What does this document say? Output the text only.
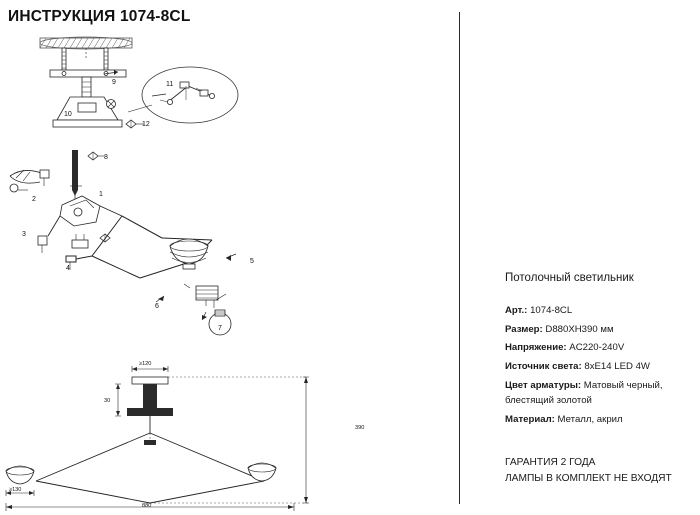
ИНСТРУКЦИЯ 1074-8CL
1
2
3
4
5
6
7
8
9
10
11
12
≥120
30
390
≥130
880
Потолочный светильник
Арт.: 1074-8CL
Размер: D880XH390 мм
Напряжение: AC220-240V
Источник света: 8xE14 LED 4W
Цвет арматуры: Матовый черный, блестящий золотой
Материал: Металл, акрил
ГАРАНТИЯ 2 ГОДА
ЛАМПЫ В КОМПЛЕКТ НЕ ВХОДЯТ
